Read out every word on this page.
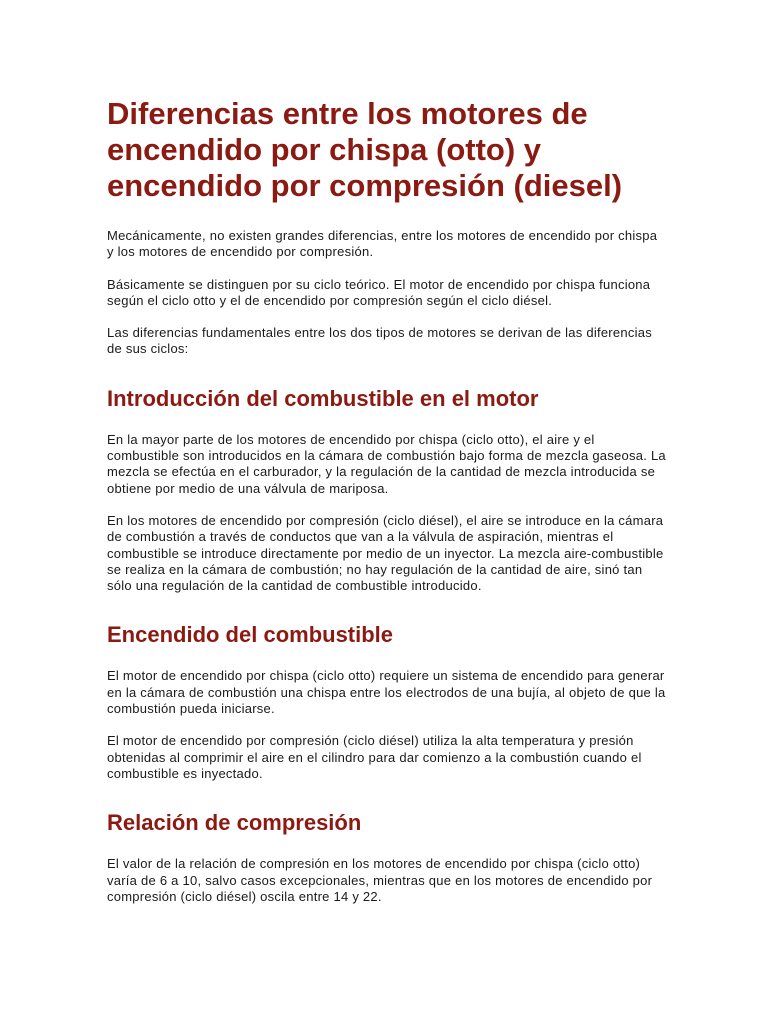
Diferencias entre los motores de encendido por chispa (otto) y encendido por compresión (diesel)

Mecánicamente, no existen grandes diferencias, entre los motores de encendido por chispa y los motores de encendido por compresión.

Básicamente se distinguen por su ciclo teórico. El motor de encendido por chispa funciona según el ciclo otto y el de encendido por compresión según el ciclo diésel.

Las diferencias fundamentales entre los dos tipos de motores se derivan de las diferencias de sus ciclos:

Introducción del combustible en el motor

En la mayor parte de los motores de encendido por chispa (ciclo otto), el aire y el combustible son introducidos en la cámara de combustión bajo forma de mezcla gaseosa. La mezcla se efectúa en el carburador, y la regulación de la cantidad de mezcla introducida se obtiene por medio de una válvula de mariposa.

En los motores de encendido por compresión (ciclo diésel), el aire se introduce en la cámara de combustión a través de conductos que van a la válvula de aspiración, mientras el combustible se introduce directamente por medio de un inyector. La mezcla aire-combustible se realiza en la cámara de combustión; no hay regulación de la cantidad de aire, sinó tan sólo una regulación de la cantidad de combustible introducido.

Encendido del combustible

El motor de encendido por chispa (ciclo otto) requiere un sistema de encendido para generar en la cámara de combustión una chispa entre los electrodos de una bujía, al objeto de que la combustión pueda iniciarse.

El motor de encendido por compresión (ciclo diésel) utiliza la alta temperatura y presión obtenidas al comprimir el aire en el cilindro para dar comienzo a la combustión cuando el combustible es inyectado.

Relación de compresión

El valor de la relación de compresión en los motores de encendido por chispa (ciclo otto) varía de 6 a 10, salvo casos excepcionales, mientras que en los motores de encendido por compresión (ciclo diésel) oscila entre 14 y 22.
